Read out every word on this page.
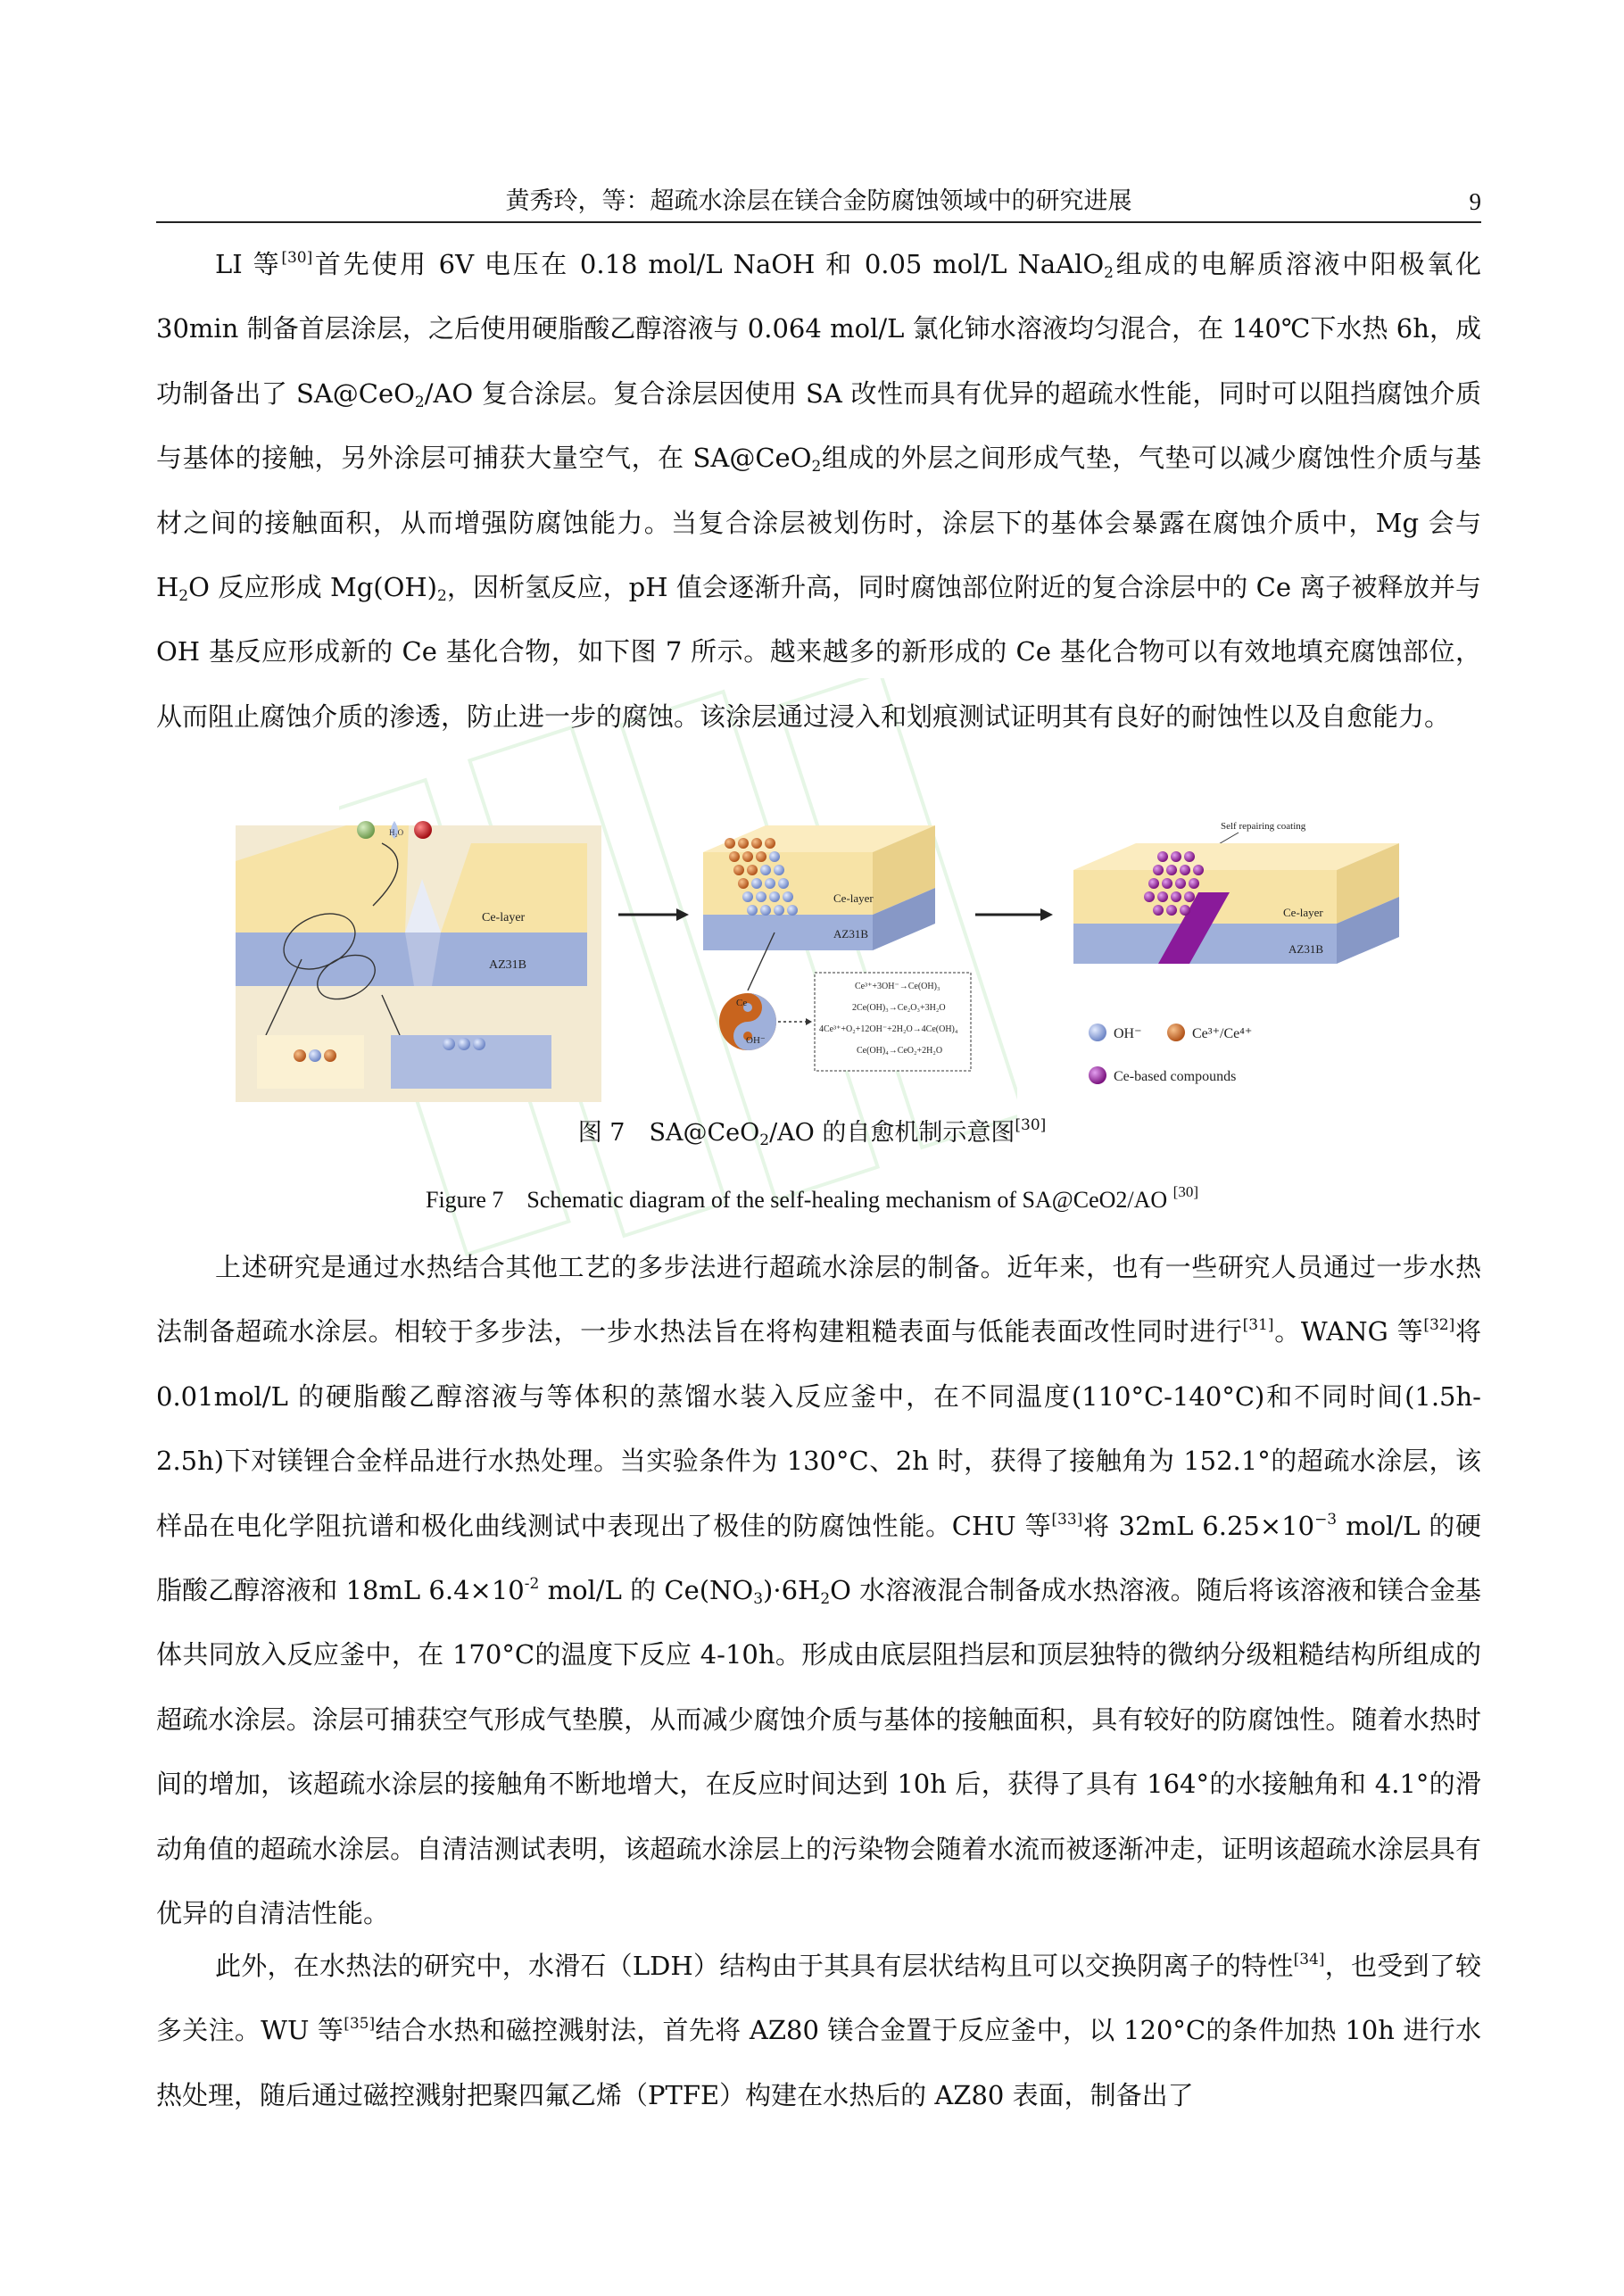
黄秀玲，等：超疏水涂层在镁合金防腐蚀领域中的研究进展	9

LI 等[30]首先使用 6V 电压在 0.18 mol/L NaOH 和 0.05 mol/L NaAlO$_2$组成的电解质溶液中阳极氧化 30min 制备首层涂层，之后使用硬脂酸乙醇溶液与 0.064 mol/L 氯化铈水溶液均匀混合，在 140℃下水热 6h，成功制备出了 SA@CeO$_2$/AO 复合涂层。复合涂层因使用 SA 改性而具有优异的超疏水性能，同时可以阻挡腐蚀介质与基体的接触，另外涂层可捕获大量空气，在 SA@CeO$_2$组成的外层之间形成气垫，气垫可以减少腐蚀性介质与基材之间的接触面积，从而增强防腐蚀能力。当复合涂层被划伤时，涂层下的基体会暴露在腐蚀介质中，Mg 会与 $H_2O$ 反应形成 $Mg(OH)_2$，因析氢反应，pH 值会逐渐升高，同时腐蚀部位附近的复合涂层中的 Ce 离子被释放并与 OH 基反应形成新的 Ce 基化合物，如下图 7 所示。越来越多的新形成的 Ce 基化合物可以有效地填充腐蚀部位，从而阻止腐蚀介质的渗透，防止进一步的腐蚀。该涂层通过浸入和划痕测试证明其有良好的耐蚀性以及自愈能力。

Ce-layer
AZ31B
H₂O
Ce-layer
AZ31B
Ce
OH⁻
Ce³⁺+3OH⁻→Ce(OH)₃
2Ce(OH)₃→Ce₂O₃+3H₂O
4Ce³⁺+O₂+12OH⁻+2H₂O→4Ce(OH)₄
Ce(OH)₄→CeO₂+2H₂O
Self repairing coating
Ce-layer
AZ31B
OH⁻	Ce³⁺/Ce⁴⁺
Ce-based compounds
图 7　SA@CeO$_2$/AO 的自愈机制示意图[30]
Figure 7　Schematic diagram of the self-healing mechanism of SA@CeO2/AO [30]

上述研究是通过水热结合其他工艺的多步法进行超疏水涂层的制备。近年来，也有一些研究人员通过一步水热法制备超疏水涂层。相较于多步法，一步水热法旨在将构建粗糙表面与低能表面改性同时进行[31]。WANG 等[32]将 0.01mol/L 的硬脂酸乙醇溶液与等体积的蒸馏水装入反应釜中，在不同温度(110°C-140°C)和不同时间(1.5h-2.5h)下对镁锂合金样品进行水热处理。当实验条件为 130°C、2h 时，获得了接触角为 152.1°的超疏水涂层，该样品在电化学阻抗谱和极化曲线测试中表现出了极佳的防腐蚀性能。CHU 等[33]将 32mL $6.25\times 10^{-3}$ mol/L 的硬脂酸乙醇溶液和 18mL $6.4\times 10^{-2}$ mol/L 的 $Ce(NO_3)\cdot 6H_2O$ 水溶液混合制备成水热溶液。随后将该溶液和镁合金基体共同放入反应釜中，在 170°C的温度下反应 4-10h。形成由底层阻挡层和顶层独特的微纳分级粗糙结构所组成的超疏水涂层。涂层可捕获空气形成气垫膜，从而减少腐蚀介质与基体的接触面积，具有较好的防腐蚀性。随着水热时间的增加，该超疏水涂层的接触角不断地增大，在反应时间达到 10h 后，获得了具有 164°的水接触角和 4.1°的滑动角值的超疏水涂层。自清洁测试表明，该超疏水涂层上的污染物会随着水流而被逐渐冲走，证明该超疏水涂层具有优异的自清洁性能。

此外，在水热法的研究中，水滑石（LDH）结构由于其具有层状结构且可以交换阴离子的特性[34]，也受到了较多关注。WU 等[35]结合水热和磁控溅射法，首先将 AZ80 镁合金置于反应釜中，以 120°C的条件加热 10h 进行水热处理，随后通过磁控溅射把聚四氟乙烯（PTFE）构建在水热后的 AZ80 表面，制备出了
